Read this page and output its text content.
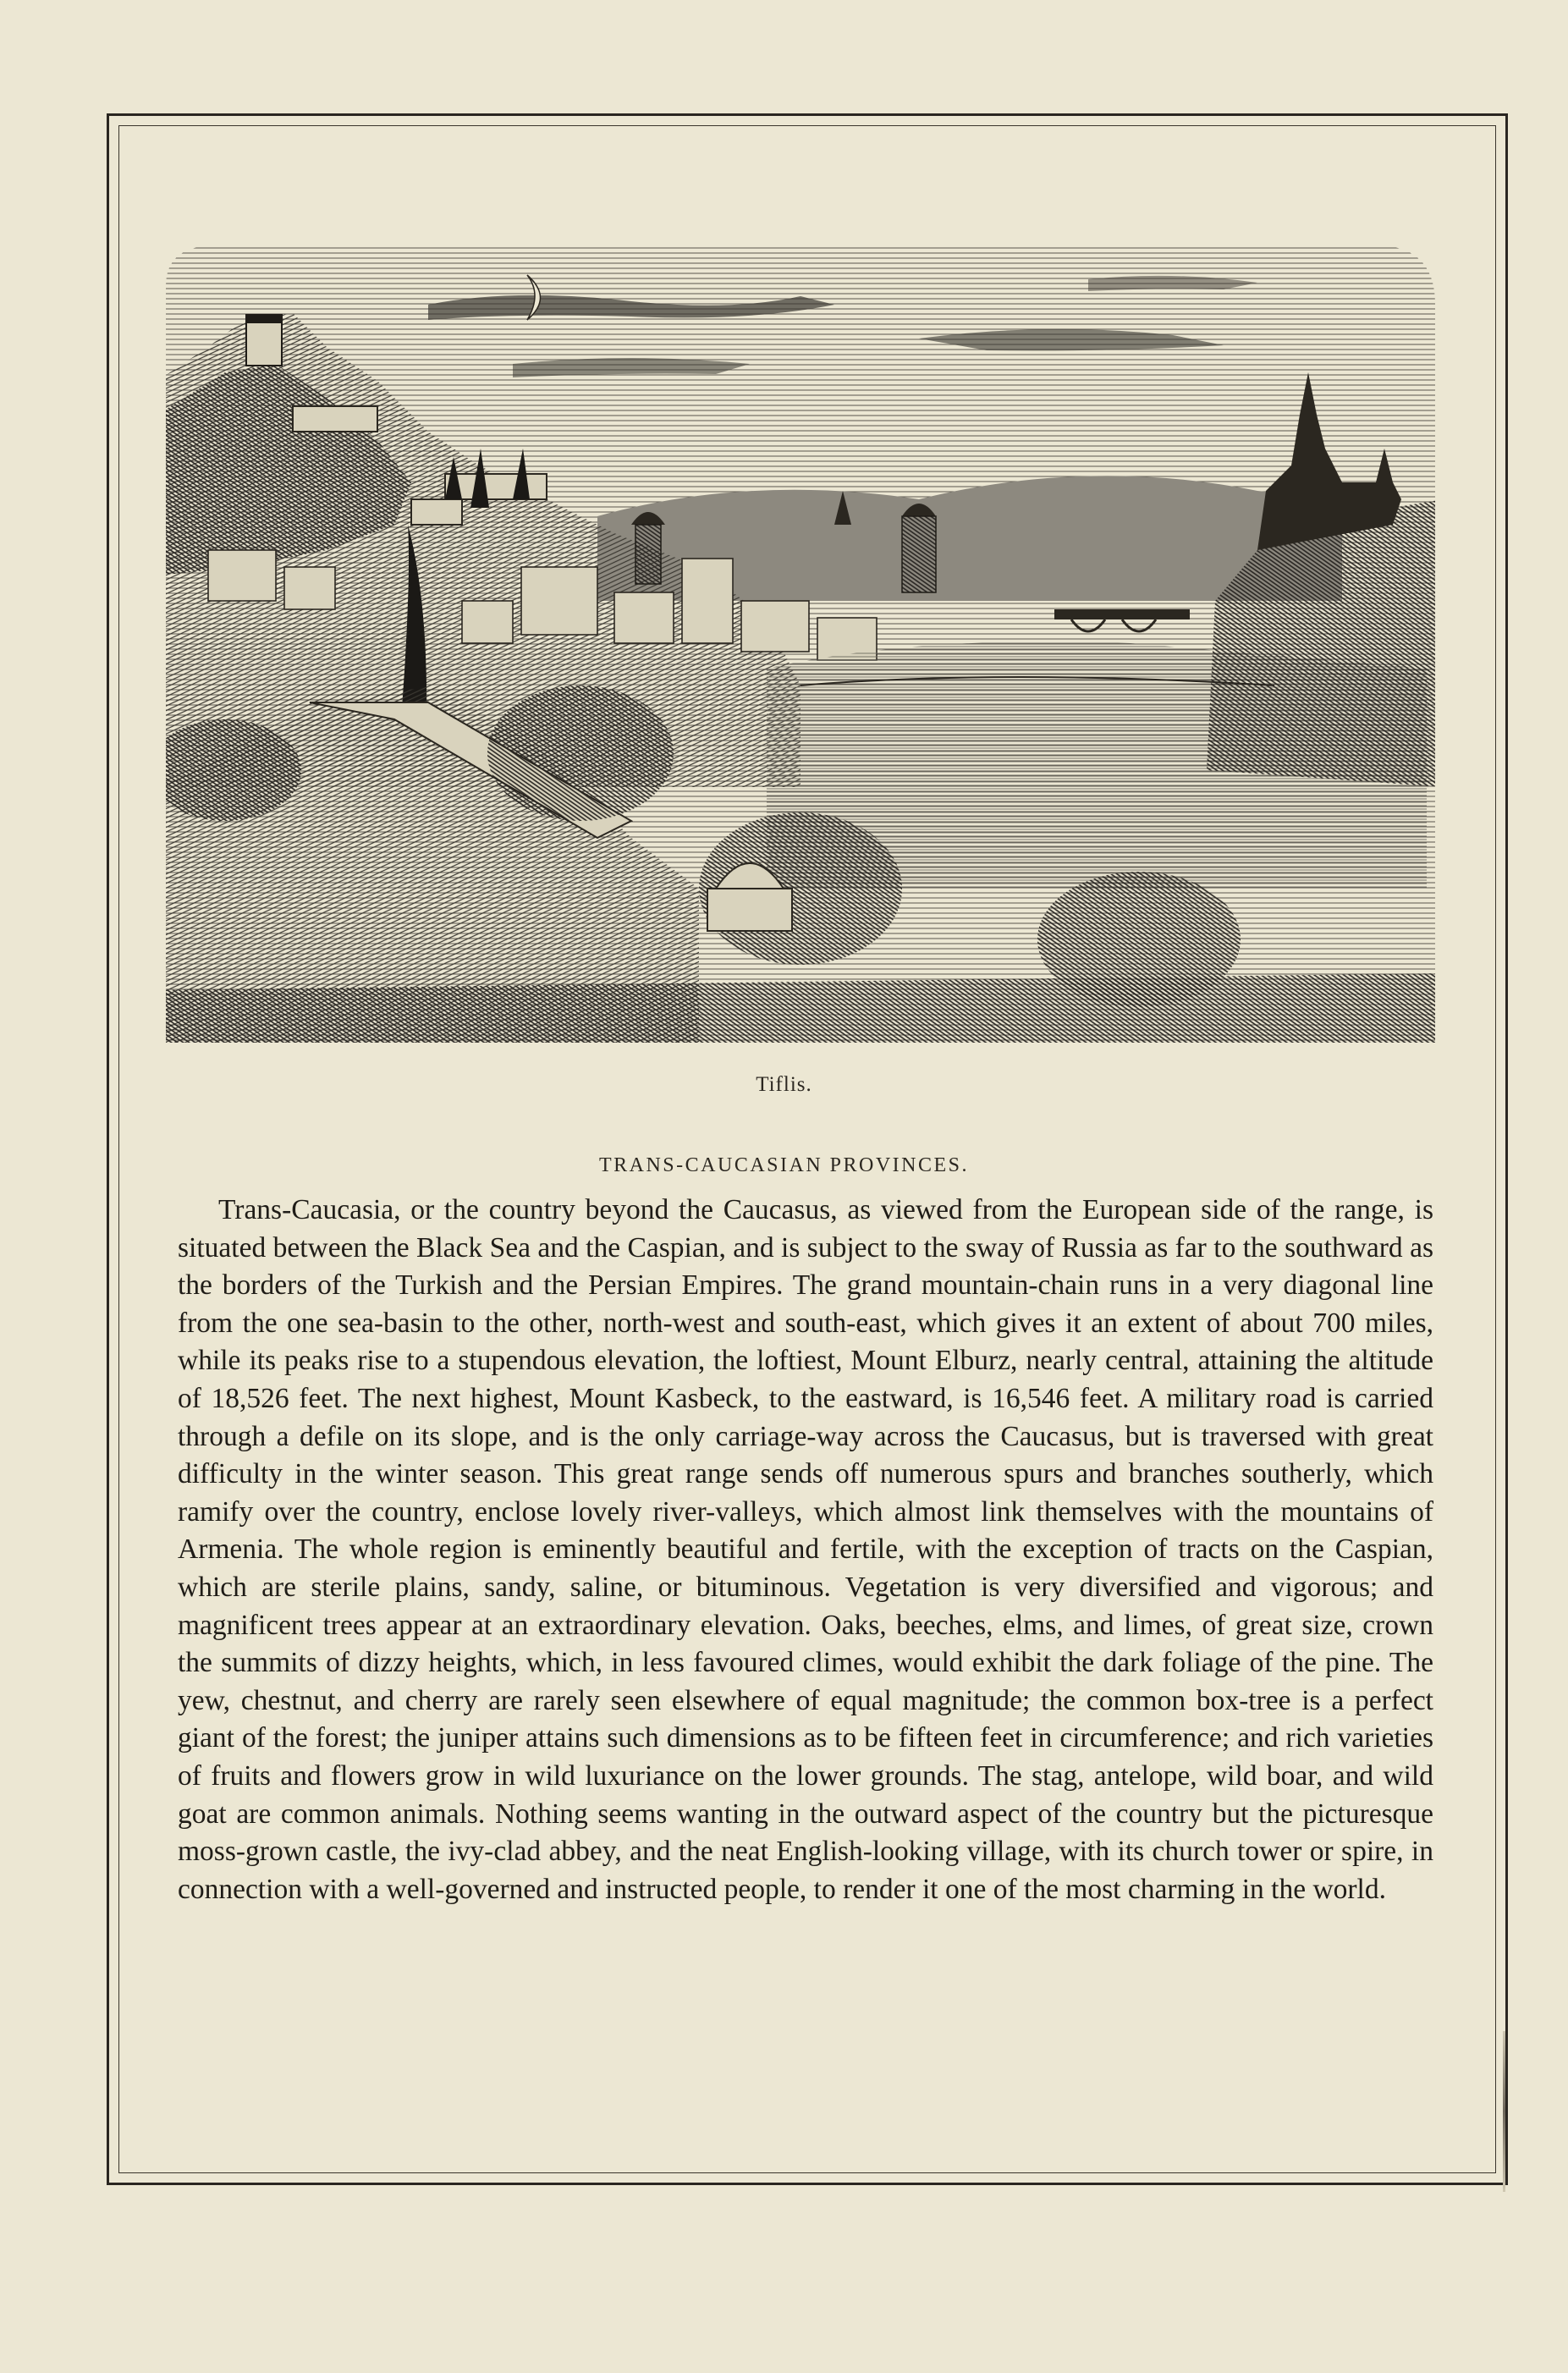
Tiflis.
TRANS-CAUCASIAN PROVINCES.

Trans-Caucasia, or the country beyond the Caucasus, as viewed from the European side of the range, is situated between the Black Sea and the Caspian, and is subject to the sway of Russia as far to the southward as the borders of the Turkish and the Persian Empires. The grand mountain-chain runs in a very diagonal line from the one sea-basin to the other, north-west and south-east, which gives it an extent of about 700 miles, while its peaks rise to a stupendous elevation, the loftiest, Mount Elburz, nearly central, attaining the altitude of 18,526 feet. The next highest, Mount Kasbeck, to the eastward, is 16,546 feet. A military road is carried through a defile on its slope, and is the only carriage-way across the Caucasus, but is traversed with great difficulty in the winter season. This great range sends off numerous spurs and branches southerly, which ramify over the country, enclose lovely river-valleys, which almost link themselves with the mountains of Armenia. The whole region is eminently beautiful and fertile, with the exception of tracts on the Caspian, which are sterile plains, sandy, saline, or bituminous. Vegetation is very diversified and vigorous; and magnificent trees appear at an extraordinary elevation. Oaks, beeches, elms, and limes, of great size, crown the summits of dizzy heights, which, in less favoured climes, would exhibit the dark foliage of the pine. The yew, chestnut, and cherry are rarely seen elsewhere of equal magnitude; the common box-tree is a perfect giant of the forest; the juniper attains such dimensions as to be fifteen feet in circumference; and rich varieties of fruits and flowers grow in wild luxuriance on the lower grounds. The stag, antelope, wild boar, and wild goat are common animals. Nothing seems wanting in the outward aspect of the country but the picturesque moss-grown castle, the ivy-clad abbey, and the neat English-looking village, with its church tower or spire, in connection with a well-governed and instructed people, to render it one of the most charming in the world.
